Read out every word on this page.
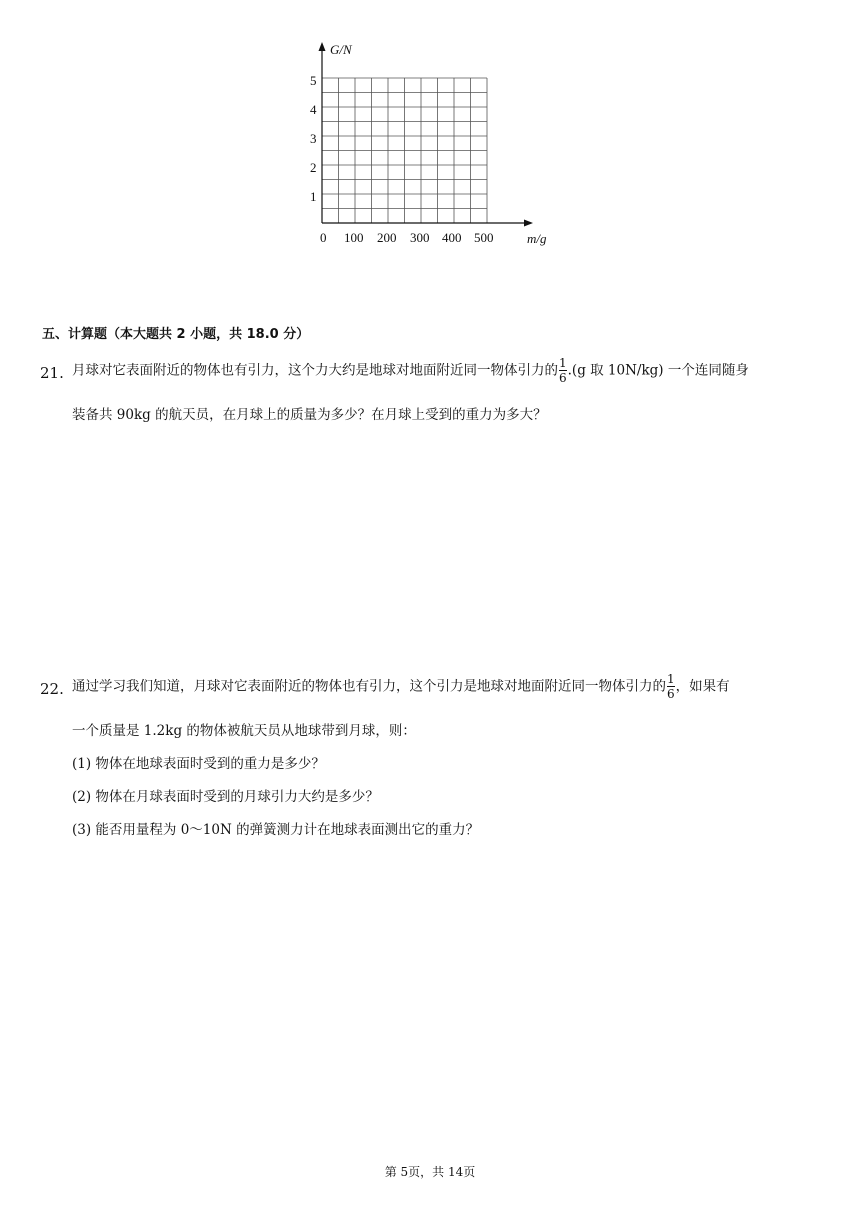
G/N
m/g
1
2
3
4
5
0 100 200 300 400 500
五、计算题（本大题共 2 小题，共 18.0 分）
21. 月球对它表面附近的物体也有引力，这个力大约是地球对地面附近同一物体引力的 $\frac{1}{6} .(g$ 取 10N/kg) 一个连同随身
装备共 90kg 的航天员，在月球上的质量为多少？在月球上受到的重力为多大？
22. 通过学习我们知道，月球对它表面附近的物体也有引力，这个引力是地球对地面附近同一物体引力的 $\frac{1}{6}$ ，如果有
一个质量是 1.2kg 的物体被航天员从地球带到月球，则：
(1) 物体在地球表面时受到的重力是多少？
(2) 物体在月球表面时受到的月球引力大约是多少？
(3) 能否用量程为 0～10N 的弹簧测力计在地球表面测出它的重力？
第 5页，共 14页
